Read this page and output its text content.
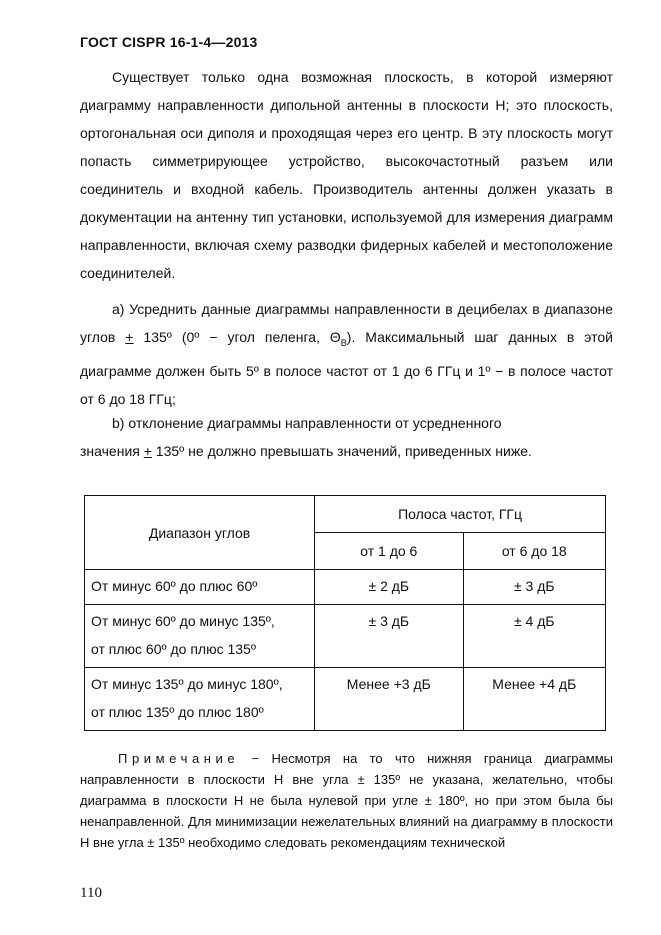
ГОСТ CISPR 16-1-4—2013
Существует только одна возможная плоскость, в которой измеряют диаграмму направленности дипольной антенны в плоскости H; это плоскость, ортогональная оси диполя и проходящая через его центр. В эту плоскость могут попасть симметрирующее устройство, высокочастотный разъем или соединитель и входной кабель. Производитель антенны должен указать в документации на антенну тип установки, используемой для измерения диаграмм направленности, включая схему разводки фидерных кабелей и местоположение соединителей.
а) Усреднить данные диаграммы направленности в децибелах в диапазоне углов + 135º (0º − угол пеленга, $\Theta_В$). Максимальный шаг данных в этой диаграмме должен быть 5º в полосе частот от 1 до 6 ГГц и 1º − в полосе частот от 6 до 18 ГГц;
b) отклонение диаграммы направленности от усредненного
значения + 135º не должно превышать значений, приведенных ниже.
Диапазон углов	Полоса частот, ГГц	
	от 1 до 6	от 6 до 18

От минус 60º до плюс 60º	± 2 дБ	± 3 дБ

От минус 60º до минус 135º,
от плюс 60º до плюс 135º	± 3 дБ	± 4 дБ

От минус 135º до минус 180º,
от плюс 135º до плюс 180º	Менее +3 дБ	Менее +4 дБ
Примечание − Несмотря на то что нижняя граница диаграммы направленности в плоскости H вне угла ± 135º не указана, желательно, чтобы диаграмма в плоскости H не была нулевой при угле ± 180º, но при этом была бы ненаправленной. Для минимизации нежелательных влияний на диаграмму в плоскости H вне угла ± 135º необходимо следовать рекомендациям технической
110
